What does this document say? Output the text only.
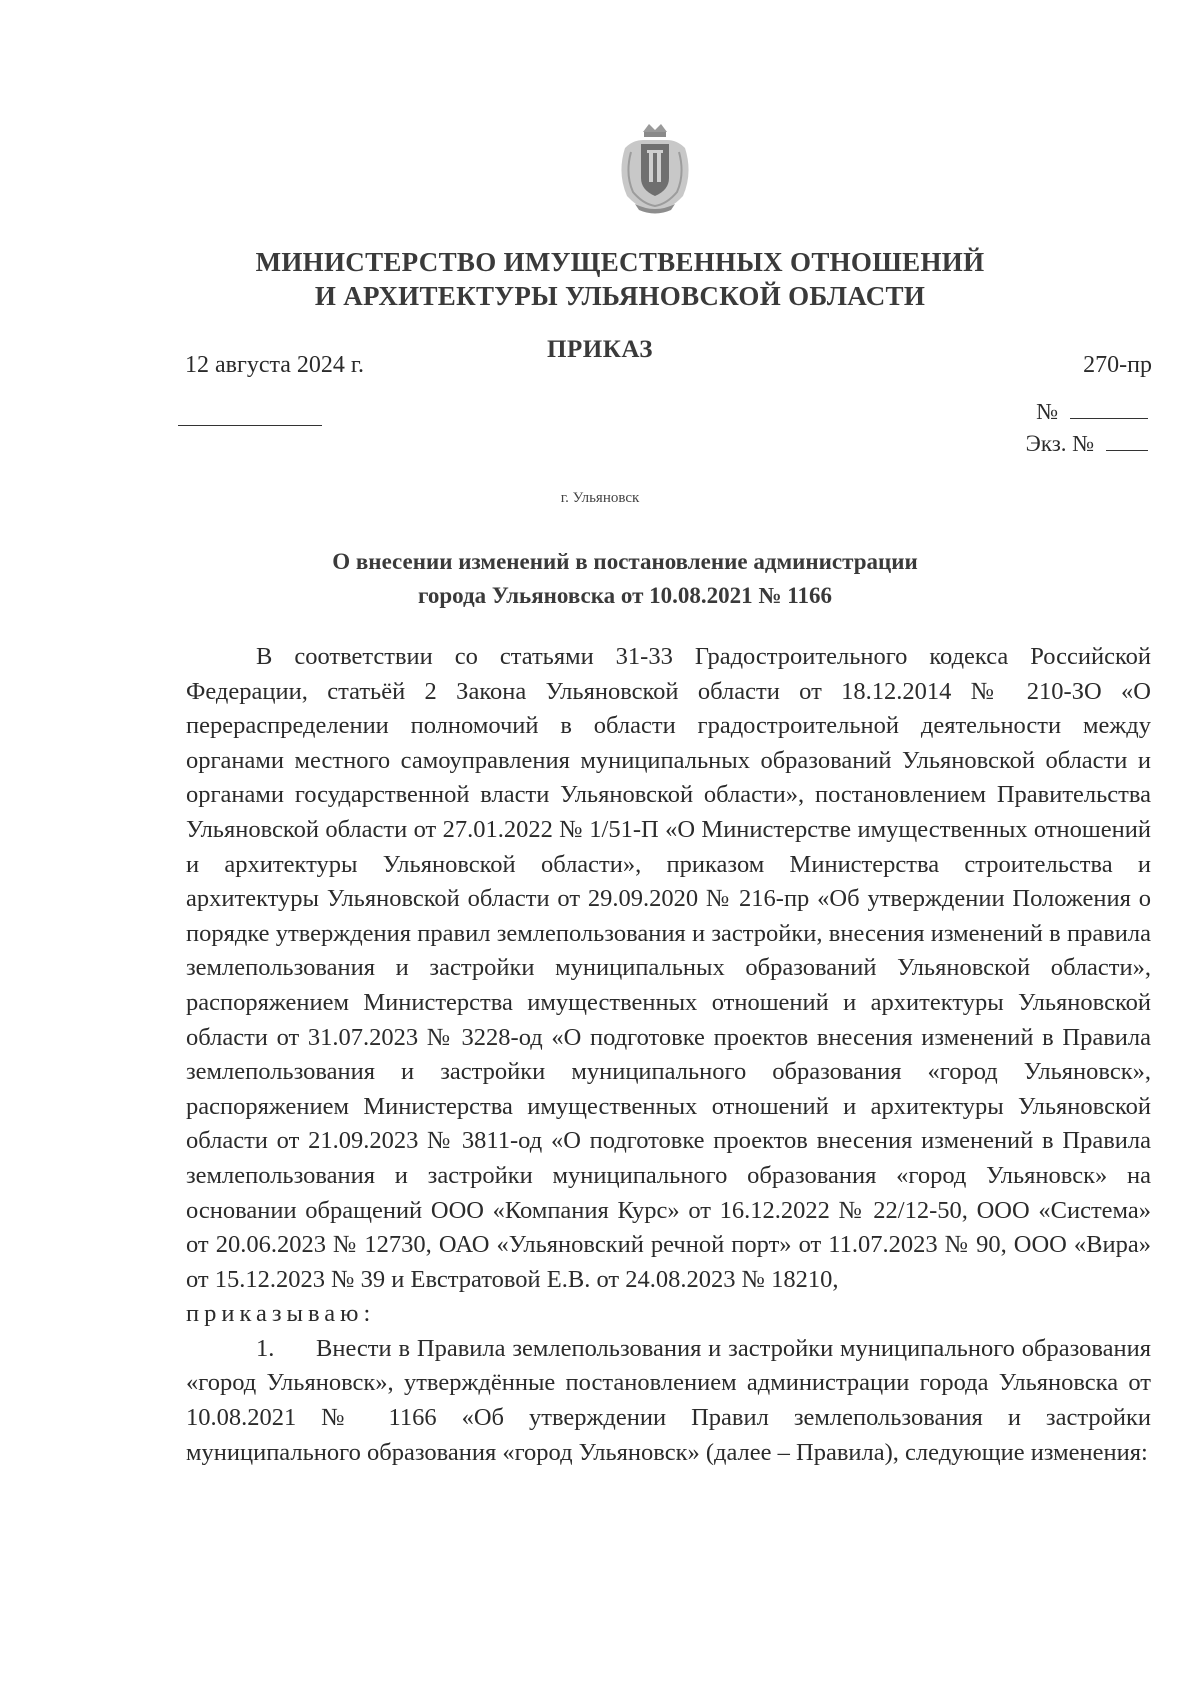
МИНИСТЕРСТВО ИМУЩЕСТВЕННЫХ ОТНОШЕНИЙ
И АРХИТЕКТУРЫ УЛЬЯНОВСКОЙ ОБЛАСТИ
ПРИКАЗ
12 августа 2024 г.	270-пр
№
Экз. №
г. Ульяновск
О внесении изменений в постановление администрации
города Ульяновска от 10.08.2021 № 1166

В соответствии со статьями 31-33 Градостроительного кодекса Российской Федерации, статьёй 2 Закона Ульяновской области от 18.12.2014 № 210-ЗО «О перераспределении полномочий в области градостроительной деятельности между органами местного самоуправления муниципальных образований Ульяновской области и органами государственной власти Ульяновской области», постановлением Правительства Ульяновской области от 27.01.2022 № 1/51-П «О Министерстве имущественных отношений и архитектуры Ульяновской области», приказом Министерства строительства и архитектуры Ульяновской области от 29.09.2020 № 216-пр «Об утверждении Положения о порядке утверждения правил землепользования и застройки, внесения изменений в правила землепользования и застройки муниципальных образований Ульяновской области», распоряжением Министерства имущественных отношений и архитектуры Ульяновской области от 31.07.2023 № 3228-од «О подготовке проектов внесения изменений в Правила землепользования и застройки муниципального образования «город Ульяновск», распоряжением Министерства имущественных отношений и архитектуры Ульяновской области от 21.09.2023 № 3811-од «О подготовке проектов внесения изменений в Правила землепользования и застройки муниципального образования «город Ульяновск» на основании обращений ООО «Компания Курс» от 16.12.2022 № 22/12-50, ООО «Система» от 20.06.2023 № 12730, ОАО «Ульяновский речной порт» от 11.07.2023 № 90, ООО «Вира» от 15.12.2023 № 39 и Евстратовой Е.В. от 24.08.2023 № 18210,

приказываю:

1. Внести в Правила землепользования и застройки муниципального образования «город Ульяновск», утверждённые постановлением администрации города Ульяновска от 10.08.2021 № 1166 «Об утверждении Правил землепользования и застройки муниципального образования «город Ульяновск» (далее – Правила), следующие изменения:
